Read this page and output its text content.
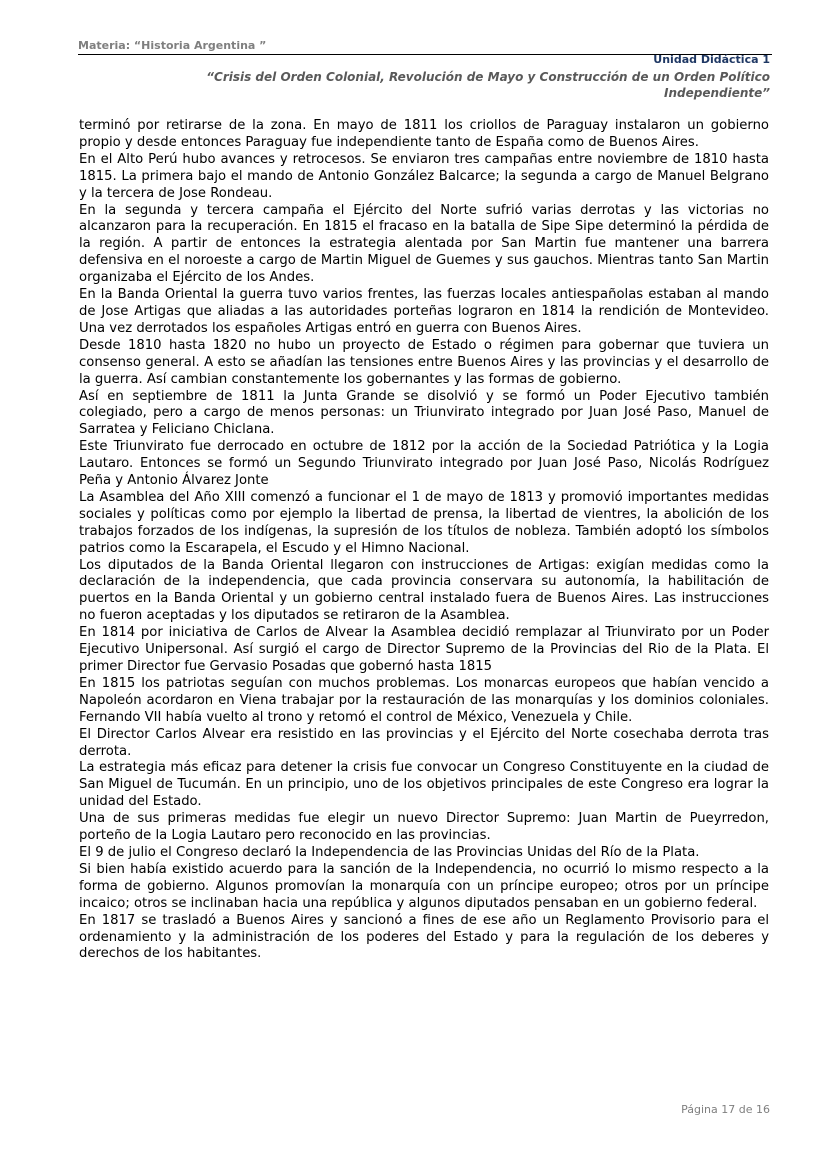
Materia: “Historia Argentina ”
Unidad Didáctica 1
“Crisis del Orden Colonial, Revolución de Mayo y Construcción de un Orden Político
Independiente”

terminó por retirarse de la zona. En mayo de 1811 los criollos de Paraguay instalaron un gobierno propio y desde entonces Paraguay fue independiente tanto de España como de Buenos Aires.

En el Alto Perú hubo avances y retrocesos. Se enviaron tres campañas entre noviembre de 1810 hasta 1815. La primera bajo el mando de Antonio González Balcarce; la segunda a cargo de Manuel Belgrano y la tercera de Jose Rondeau.

En la segunda y tercera campaña el Ejército del Norte sufrió varias derrotas y las victorias no alcanzaron para la recuperación. En 1815 el fracaso en la batalla de Sipe Sipe determinó la pérdida de la región. A partir de entonces la estrategia alentada por San Martin fue mantener una barrera defensiva en el noroeste a cargo de Martin Miguel de Guemes y sus gauchos. Mientras tanto San Martin organizaba el Ejército de los Andes.

En la Banda Oriental la guerra tuvo varios frentes, las fuerzas locales antiespañolas estaban al mando de Jose Artigas que aliadas a las autoridades porteñas lograron en 1814 la rendición de Montevideo. Una vez derrotados los españoles Artigas entró en guerra con Buenos Aires.

Desde 1810 hasta 1820 no hubo un proyecto de Estado o régimen para gobernar que tuviera un consenso general. A esto se añadían las tensiones entre Buenos Aires y las provincias y el desarrollo de la guerra. Así cambian constantemente los gobernantes y las formas de gobierno.

Así en septiembre de 1811 la Junta Grande se disolvió y se formó un Poder Ejecutivo también colegiado, pero a cargo de menos personas: un Triunvirato integrado por Juan José Paso, Manuel de Sarratea y Feliciano Chiclana.

Este Triunvirato fue derrocado en octubre de 1812 por la acción de la Sociedad Patriótica y la Logia Lautaro. Entonces se formó un Segundo Triunvirato integrado por Juan José Paso, Nicolás Rodríguez Peña y Antonio Álvarez Jonte

La Asamblea del Año XIII comenzó a funcionar el 1 de mayo de 1813 y promovió importantes medidas sociales y políticas como por ejemplo la libertad de prensa, la libertad de vientres, la abolición de los trabajos forzados de los indígenas, la supresión de los títulos de nobleza. También adoptó los símbolos patrios como la Escarapela, el Escudo y el Himno Nacional.

Los diputados de la Banda Oriental llegaron con instrucciones de Artigas: exigían medidas como la declaración de la independencia, que cada provincia conservara su autonomía, la habilitación de puertos en la Banda Oriental y un gobierno central instalado fuera de Buenos Aires. Las instrucciones no fueron aceptadas y los diputados se retiraron de la Asamblea.

En 1814 por iniciativa de Carlos de Alvear la Asamblea decidió remplazar al Triunvirato por un Poder Ejecutivo Unipersonal. Así surgió el cargo de Director Supremo de la Provincias del Rio de la Plata. El primer Director fue Gervasio Posadas que gobernó hasta 1815

En 1815 los patriotas seguían con muchos problemas. Los monarcas europeos que habían vencido a Napoleón acordaron en Viena trabajar por la restauración de las monarquías y los dominios coloniales. Fernando VII había vuelto al trono y retomó el control de México, Venezuela y Chile.

El Director Carlos Alvear era resistido en las provincias y el Ejército del Norte cosechaba derrota tras derrota.

La estrategia más eficaz para detener la crisis fue convocar un Congreso Constituyente en la ciudad de San Miguel de Tucumán. En un principio, uno de los objetivos principales de este Congreso era lograr la unidad del Estado.

Una de sus primeras medidas fue elegir un nuevo Director Supremo: Juan Martin de Pueyrredon, porteño de la Logia Lautaro pero reconocido en las provincias.

El 9 de julio el Congreso declaró la Independencia de las Provincias Unidas del Río de la Plata.

Si bien había existido acuerdo para la sanción de la Independencia, no ocurrió lo mismo respecto a la forma de gobierno. Algunos promovían la monarquía con un príncipe europeo; otros por un príncipe incaico; otros se inclinaban hacia una república y algunos diputados pensaban en un gobierno federal.

En 1817 se trasladó a Buenos Aires y sancionó a fines de ese año un Reglamento Provisorio para el ordenamiento y la administración de los poderes del Estado y para la regulación de los deberes y derechos de los habitantes.

Página 17 de 16
